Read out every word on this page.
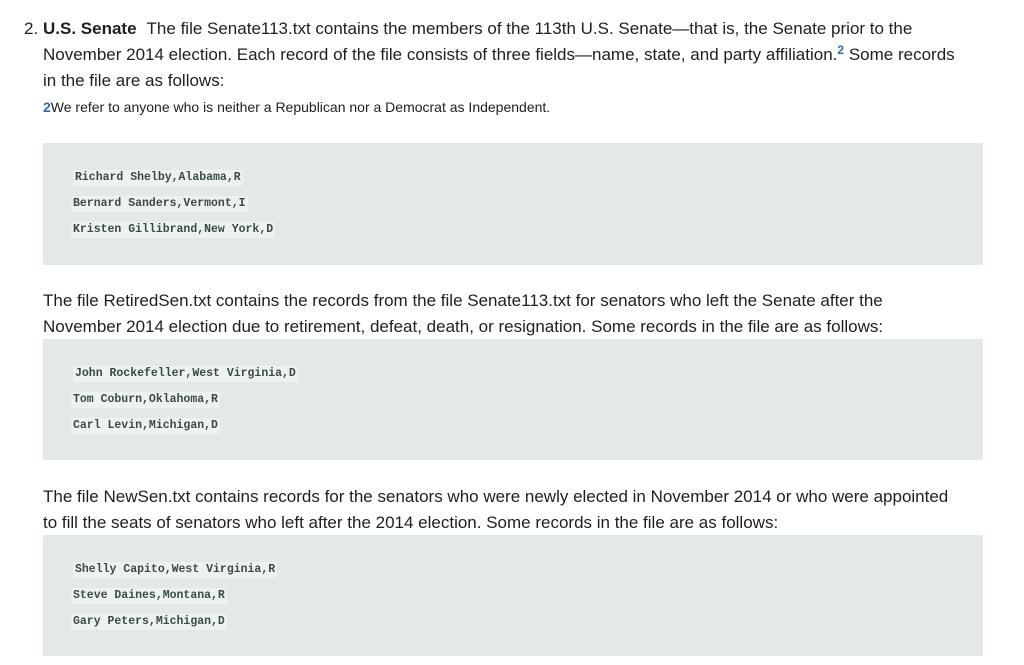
2. U.S. Senate The file Senate113.txt contains the members of the 113th U.S. Senate—that is, the Senate prior to the
November 2014 election. Each record of the file consists of three fields—name, state, and party affiliation.$^2$ Some records
in the file are as follows:
2We refer to anyone who is neither a Republican nor a Democrat as Independent.
Richard Shelby,Alabama,R
Bernard Sanders,Vermont,I
Kristen Gillibrand,New York,D
The file RetiredSen.txt contains the records from the file Senate113.txt for senators who left the Senate after the
November 2014 election due to retirement, defeat, death, or resignation. Some records in the file are as follows:
John Rockefeller,West Virginia,D
Tom Coburn,Oklahoma,R
Carl Levin,Michigan,D
The file NewSen.txt contains records for the senators who were newly elected in November 2014 or who were appointed
to fill the seats of senators who left after the 2014 election. Some records in the file are as follows:
Shelly Capito,West Virginia,R
Steve Daines,Montana,R
Gary Peters,Michigan,D
